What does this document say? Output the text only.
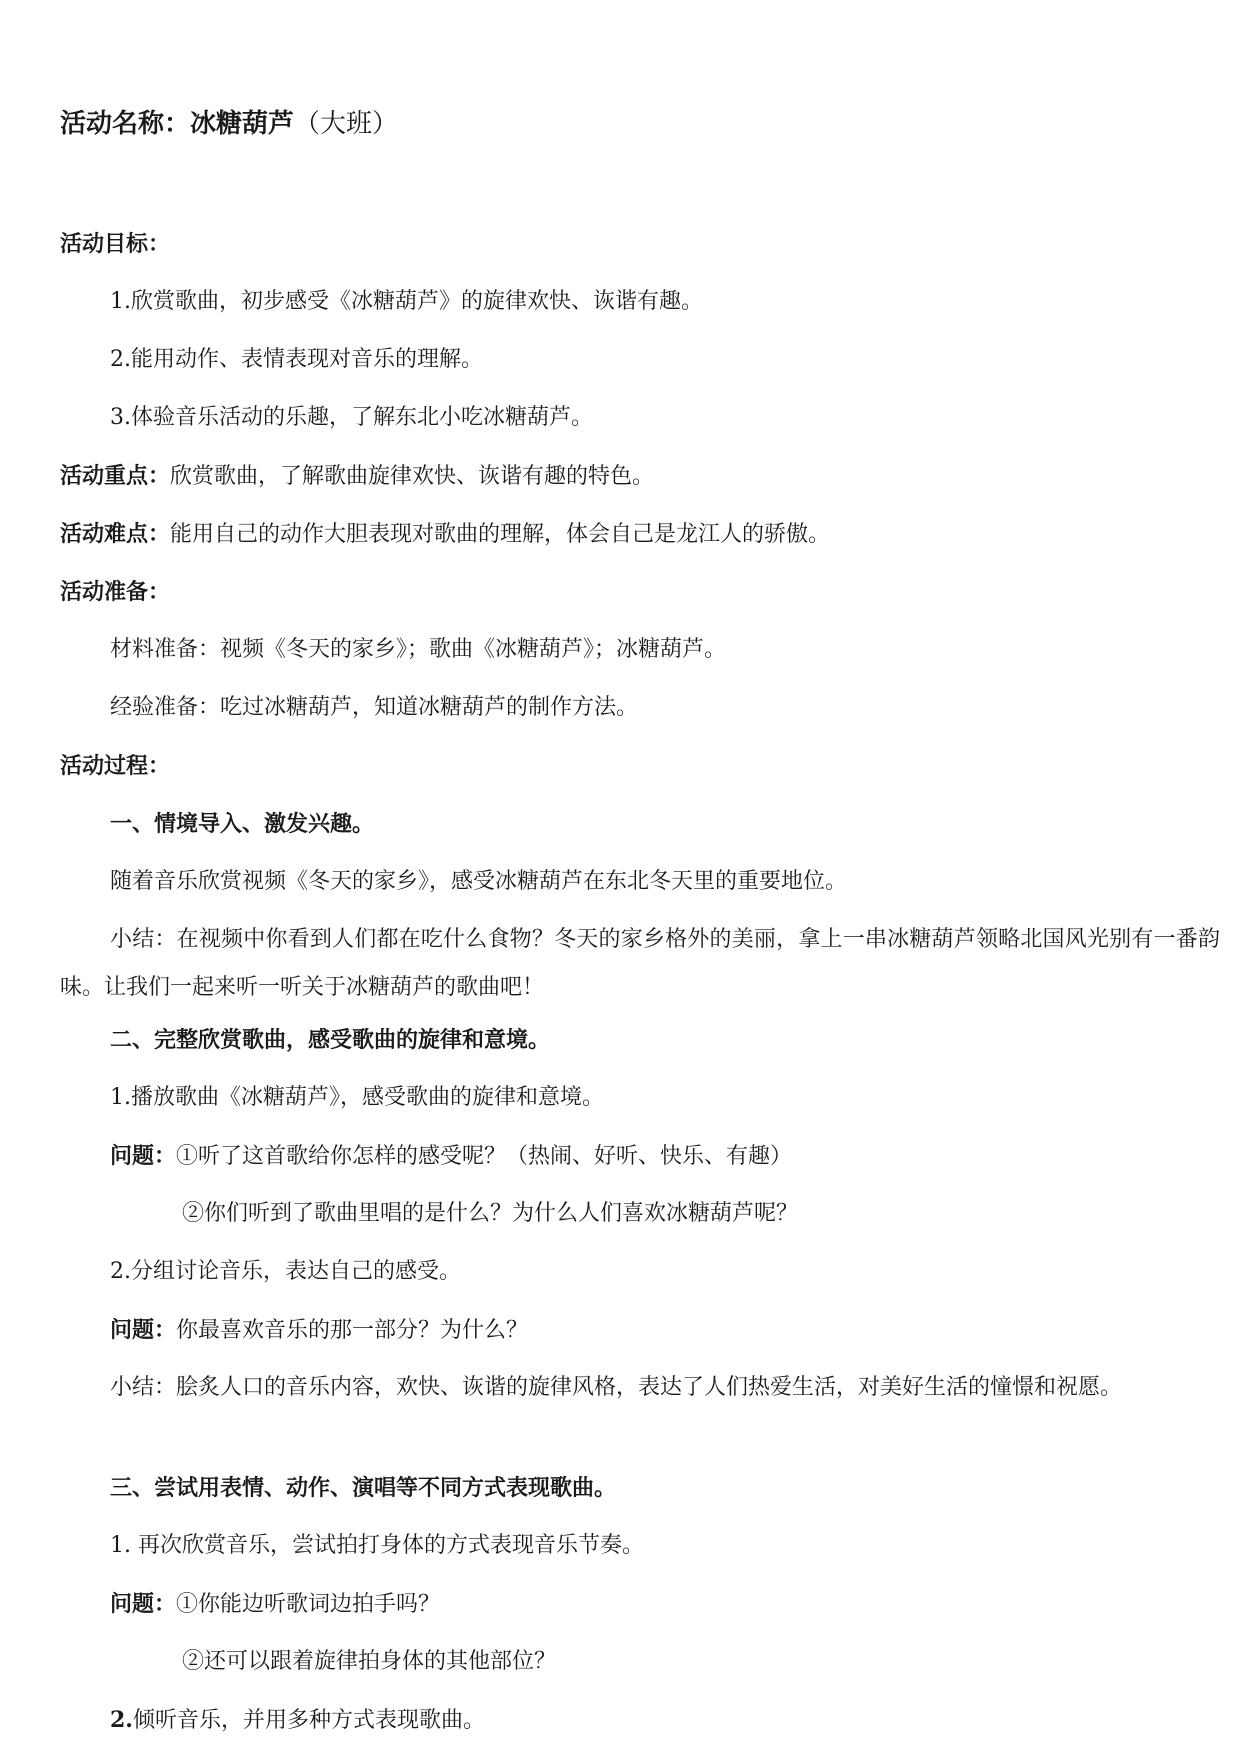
活动名称：冰糖葫芦（大班）
活动目标：
1.欣赏歌曲，初步感受《冰糖葫芦》的旋律欢快、诙谐有趣。
2.能用动作、表情表现对音乐的理解。
3.体验音乐活动的乐趣，了解东北小吃冰糖葫芦。
活动重点：欣赏歌曲，了解歌曲旋律欢快、诙谐有趣的特色。
活动难点：能用自己的动作大胆表现对歌曲的理解，体会自己是龙江人的骄傲。
活动准备：
材料准备：视频《冬天的家乡》；歌曲《冰糖葫芦》；冰糖葫芦。
经验准备：吃过冰糖葫芦，知道冰糖葫芦的制作方法。
活动过程：
一、情境导入、激发兴趣。
随着音乐欣赏视频《冬天的家乡》，感受冰糖葫芦在东北冬天里的重要地位。
小结：在视频中你看到人们都在吃什么食物？冬天的家乡格外的美丽，拿上一串冰糖葫芦领略北国风光别有一番韵味。让我们一起来听一听关于冰糖葫芦的歌曲吧！
二、完整欣赏歌曲，感受歌曲的旋律和意境。
1.播放歌曲《冰糖葫芦》，感受歌曲的旋律和意境。
问题：①听了这首歌给你怎样的感受呢？（热闹、好听、快乐、有趣）
②你们听到了歌曲里唱的是什么？为什么人们喜欢冰糖葫芦呢？
2.分组讨论音乐，表达自己的感受。
问题：你最喜欢音乐的那一部分？为什么？
小结：脍炙人口的音乐内容，欢快、诙谐的旋律风格，表达了人们热爱生活，对美好生活的憧憬和祝愿。
三、尝试用表情、动作、演唱等不同方式表现歌曲。
1. 再次欣赏音乐，尝试拍打身体的方式表现音乐节奏。
问题：①你能边听歌词边拍手吗？
②还可以跟着旋律拍身体的其他部位？
2.倾听音乐，并用多种方式表现歌曲。
